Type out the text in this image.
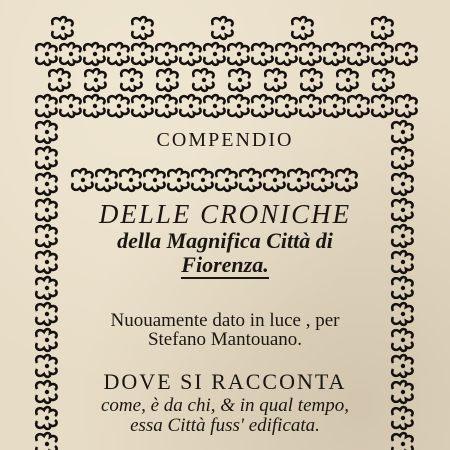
COMPENDIO
DELLE CRONICHE
della Magnifica Città di
Fiorenza.
Nuouamente dato in luce , per
Stefano Mantouano.
DOVE SI RACCONTA
come, è da chi, & in qual tempo,
essa Città fuss' edificata.
